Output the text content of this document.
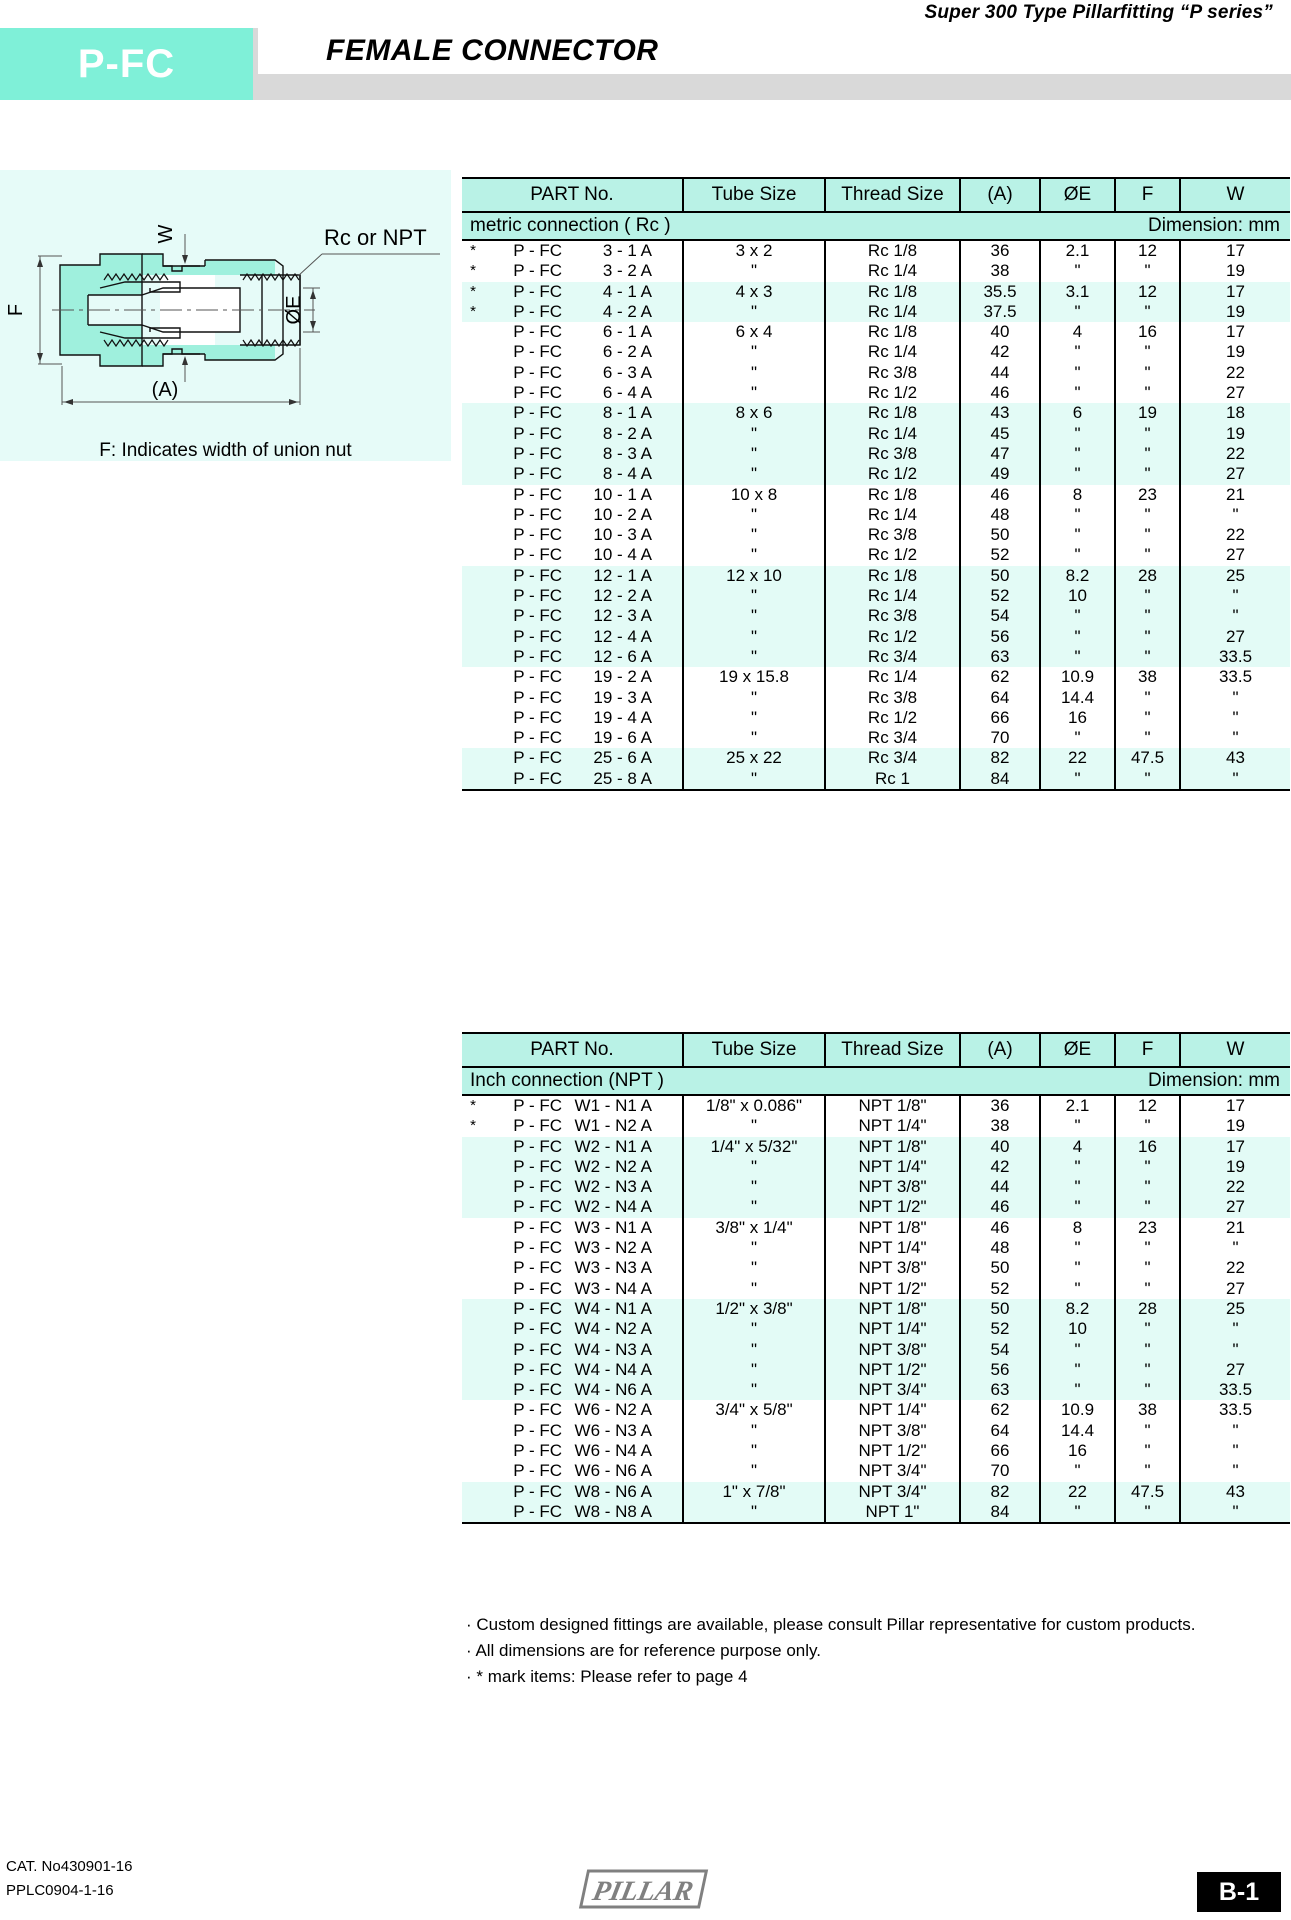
Super 300 Type Pillarfitting “P series”
P-FC	FEMALE CONNECTOR
F
W
ØE
(A)
Rc or NPT
F: Indicates width of union nut
PART No.			Tube Size	Thread Size	(A)	ØE	F	W
metric connection ( Rc )					Dimension: mm			
*	P - FC	3 - 1 A	3 x 2	Rc 1/8	36	2.1	12	17
*	P - FC	3 - 2 A	"	Rc 1/4	38	"	"	19
*	P - FC	4 - 1 A	4 x 3	Rc 1/8	35.5	3.1	12	17
*	P - FC	4 - 2 A	"	Rc 1/4	37.5	"	"	19
	P - FC	6 - 1 A	6 x 4	Rc 1/8	40	4	16	17
	P - FC	6 - 2 A	"	Rc 1/4	42	"	"	19
	P - FC	6 - 3 A	"	Rc 3/8	44	"	"	22
	P - FC	6 - 4 A	"	Rc 1/2	46	"	"	27
	P - FC	8 - 1 A	8 x 6	Rc 1/8	43	6	19	18
	P - FC	8 - 2 A	"	Rc 1/4	45	"	"	19
	P - FC	8 - 3 A	"	Rc 3/8	47	"	"	22
	P - FC	8 - 4 A	"	Rc 1/2	49	"	"	27
	P - FC	10 - 1 A	10 x 8	Rc 1/8	46	8	23	21
	P - FC	10 - 2 A	"	Rc 1/4	48	"	"	"
	P - FC	10 - 3 A	"	Rc 3/8	50	"	"	22
	P - FC	10 - 4 A	"	Rc 1/2	52	"	"	27
	P - FC	12 - 1 A	12 x 10	Rc 1/8	50	8.2	28	25
	P - FC	12 - 2 A	"	Rc 1/4	52	10	"	"
	P - FC	12 - 3 A	"	Rc 3/8	54	"	"	"
	P - FC	12 - 4 A	"	Rc 1/2	56	"	"	27
	P - FC	12 - 6 A	"	Rc 3/4	63	"	"	33.5
	P - FC	19 - 2 A	19 x 15.8	Rc 1/4	62	10.9	38	33.5
	P - FC	19 - 3 A	"	Rc 3/8	64	14.4	"	"
	P - FC	19 - 4 A	"	Rc 1/2	66	16	"	"
	P - FC	19 - 6 A	"	Rc 3/4	70	"	"	"
	P - FC	25 - 6 A	25 x 22	Rc 3/4	82	22	47.5	43
	P - FC	25 - 8 A	"	Rc 1	84	"	"	"
PART No.			Tube Size	Thread Size	(A)	ØE	F	W
Inch connection (NPT )					Dimension: mm			
*	P - FC	W1 - N1 A	1/8" x 0.086"	NPT 1/8"	36	2.1	12	17
*	P - FC	W1 - N2 A	"	NPT 1/4"	38	"	"	19
	P - FC	W2 - N1 A	1/4" x 5/32"	NPT 1/8"	40	4	16	17
	P - FC	W2 - N2 A	"	NPT 1/4"	42	"	"	19
	P - FC	W2 - N3 A	"	NPT 3/8"	44	"	"	22
	P - FC	W2 - N4 A	"	NPT 1/2"	46	"	"	27
	P - FC	W3 - N1 A	3/8" x 1/4"	NPT 1/8"	46	8	23	21
	P - FC	W3 - N2 A	"	NPT 1/4"	48	"	"	"
	P - FC	W3 - N3 A	"	NPT 3/8"	50	"	"	22
	P - FC	W3 - N4 A	"	NPT 1/2"	52	"	"	27
	P - FC	W4 - N1 A	1/2" x 3/8"	NPT 1/8"	50	8.2	28	25
	P - FC	W4 - N2 A	"	NPT 1/4"	52	10	"	"
	P - FC	W4 - N3 A	"	NPT 3/8"	54	"	"	"
	P - FC	W4 - N4 A	"	NPT 1/2"	56	"	"	27
	P - FC	W4 - N6 A	"	NPT 3/4"	63	"	"	33.5
	P - FC	W6 - N2 A	3/4" x 5/8"	NPT 1/4"	62	10.9	38	33.5
	P - FC	W6 - N3 A	"	NPT 3/8"	64	14.4	"	"
	P - FC	W6 - N4 A	"	NPT 1/2"	66	16	"	"
	P - FC	W6 - N6 A	"	NPT 3/4"	70	"	"	"
	P - FC	W8 - N6 A	1" x 7/8"	NPT 3/4"	82	22	47.5	43
	P - FC	W8 - N8 A	"	NPT 1"	84	"	"	"
· Custom designed fittings are available, please consult Pillar representative for custom products.
· All dimensions are for reference purpose only.
· * mark items: Please refer to page 4
CAT. No430901-16
PPLC0904-1-16	PILLAR	B-1
